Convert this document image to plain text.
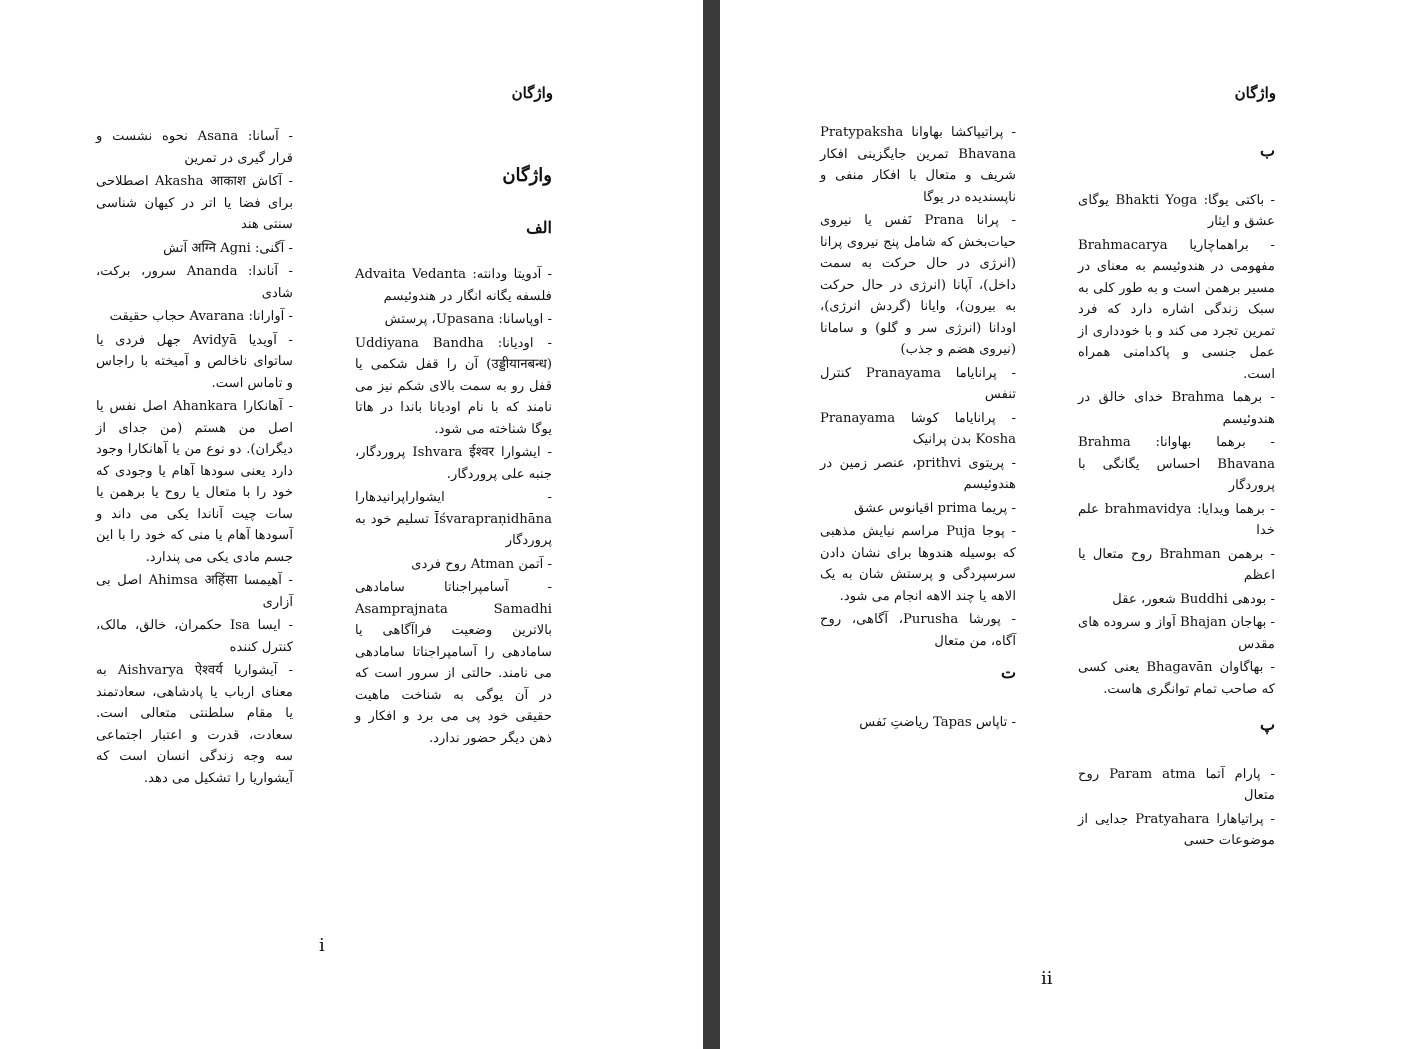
واژگان
واژگان
الف
- آدویتا ودانته: Advaita Vedanta فلسفه یگانه انگار در هندوئیسم
- اوپاسانا: Upasana، پرستش
- اودیانا: Uddiyana Bandha (उड्डीयानबन्ध) آن را قفل شکمی یا قفل رو به سمت بالای شکم نیز می نامند که با نام اودیانا باندا در هاتا یوگا شناخته می شود.
- ایشوارا Ishvara ईश्वर پروردگار، جنبه علی پروردگار.
- ایشواراپرانیدهارا Īśvarapraṇidhāna تسلیم خود به پروردگار
- آتمن Atman روح فردی
- آسامپراجناتا سامادهی Asamprajnata Samadhi بالاترین وضعیت فراآگاهی یا سامادهی را آسامپراجناتا سامادهی می نامند. حالتی از سرور است که در آن یوگی به شناخت ماهیت حقیقی خود پی می برد و افکار و ذهن دیگر حضور ندارد.
- آسانا: Asana نحوه نشست و قرار گیری در تمرین
- آکاش Akasha आकाश اصطلاحی برای فضا یا اتر در کیهان شناسی سنتی هند
- آگنی: अग्नि Agni آتش
- آناندا: Ananda سرور، برکت، شادی
- آوارانا: Avarana حجاب حقیقت
- آویدیا Avidyā جهل فردی یا ساتوای ناخالص و آمیخته با راجاس و تاماس است.
- آهانکارا Ahankara اصل نفس یا اصل من هستم (من جدای از دیگران). دو نوع من یا آهانکارا وجود دارد یعنی سودها آهام یا وجودی که خود را با متعال یا روح یا برهمن یا سات چیت آناندا یکی می داند و آسودها آهام یا منی که خود را با این جسم مادی یکی می پندارد.
- آهیمسا Ahimsa अहिंसा اصل بی آزاری
- ایسا Isa حکمران، خالق، مالک، کنترل کننده
- آیشواریا Aishvarya ऐश्वर्य به معنای ارباب یا پادشاهی، سعادتمند یا مقام سلطنتی متعالی است. سعادت، قدرت و اعتبار اجتماعی سه وجه زندگی انسان است که آیشواریا را تشکیل می دهد.
i
واژگان
ب
- باکتی یوگا: Bhakti Yoga یوگای عشق و ایثار
- براهماچاریا Brahmacarya مفهومی در هندوئیسم به معنای در مسیر برهمن است و به طور کلی به سبک زندگی اشاره دارد که فرد تمرین تجرد می کند و با خودداری از عمل جنسی و پاکدامنی همراه است.
- برهما Brahma خدای خالق در هندوئیسم
- برهما بهاوانا: Brahma Bhavana احساس یگانگی با پروردگار
- برهما ویدایا: brahmavidya علم خدا
- برهمن Brahman روح متعال یا اعظم
- بودهی Buddhi شعور، عقل
- بهاجان Bhajan آواز و سروده های مقدس
- بهاگاوان Bhagavān یعنی کسی که صاحب تمام توانگری هاست.
پ
- پارام آتما Param atma روح متعال
- پراتیاهارا Pratyahara جدایی از موضوعات حسی
- پراتیپاکشا بهاوانا Pratypaksha Bhavana تمرین جایگزینی افکار شریف و متعال با افکار منفی و ناپسندیده در یوگا
- پرانا Prana نَفس یا نیروی حیات‌بخش که شامل پنج نیروی پرانا (انرژی در حال حرکت به سمت داخل)، آپانا (انرژی در حال حرکت به بیرون)، وایانا (گردش انرژی)، اودانا (انرژی سر و گلو) و سامانا (نیروی هضم و جذب)
- پرانایاما Pranayama کنترل تنفس
- پرانایاما کوشا Pranayama Kosha بدن پرانیک
- پریتوی prithvi، عنصر زمین در هندوئیسم
- پریما prima اقیانوس عشق
- پوجا Puja مراسم نیایش مذهبی که بوسیله هندوها برای نشان دادن سرسپردگی و پرستش شان به یک الاهه یا چند الاهه انجام می شود.
- پورشا Purusha، آگاهی، روح آگاه، من متعال
ت
- تاپاس Tapas ریاضتِ نَفس
ii
